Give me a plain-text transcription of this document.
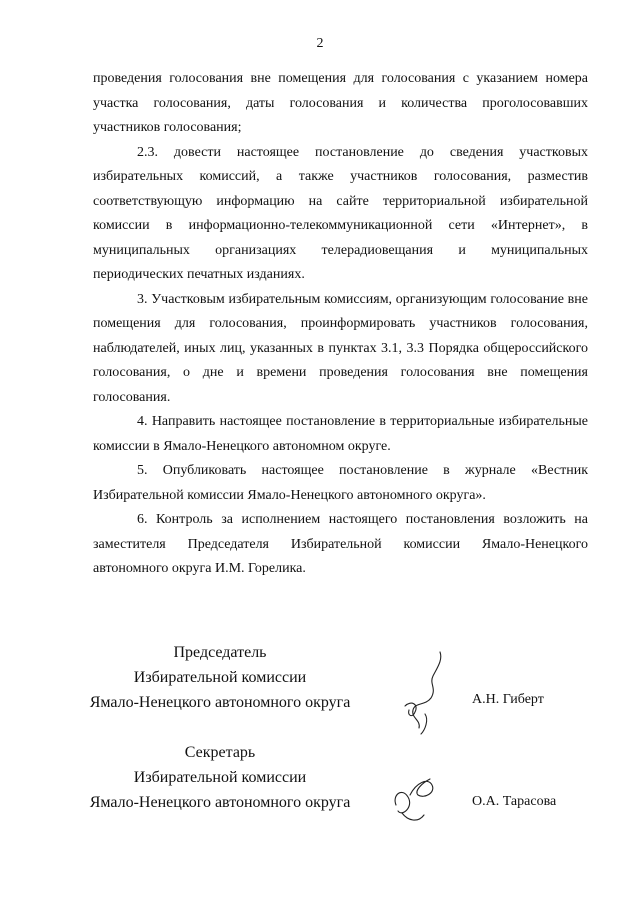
2

проведения голосования вне помещения для голосования с указанием номера участка голосования, даты голосования и количества проголосовавших участников голосования;

2.3. довести настоящее постановление до сведения участковых избирательных комиссий, а также участников голосования, разместив соответствующую информацию на сайте территориальной избирательной комиссии в информационно-телекоммуникационной сети «Интернет», в муниципальных организациях телерадиовещания и муниципальных периодических печатных изданиях.

3. Участковым избирательным комиссиям, организующим голосование вне помещения для голосования, проинформировать участников голосования, наблюдателей, иных лиц, указанных в пунктах 3.1, 3.3 Порядка общероссийского голосования, о дне и времени проведения голосования вне помещения голосования.

4. Направить настоящее постановление в территориальные избирательные комиссии в Ямало-Ненецкого автономном округе.

5. Опубликовать настоящее постановление в журнале «Вестник Избирательной комиссии Ямало-Ненецкого автономного округа».

6. Контроль за исполнением настоящего постановления возложить на заместителя Председателя Избирательной комиссии Ямало-Ненецкого автономного округа И.М. Горелика.

Председатель
Избирательной комиссии
Ямало-Ненецкого автономного округа	А.Н. Гиберт
Секретарь
Избирательной комиссии
Ямало-Ненецкого автономного округа	О.А. Тарасова
